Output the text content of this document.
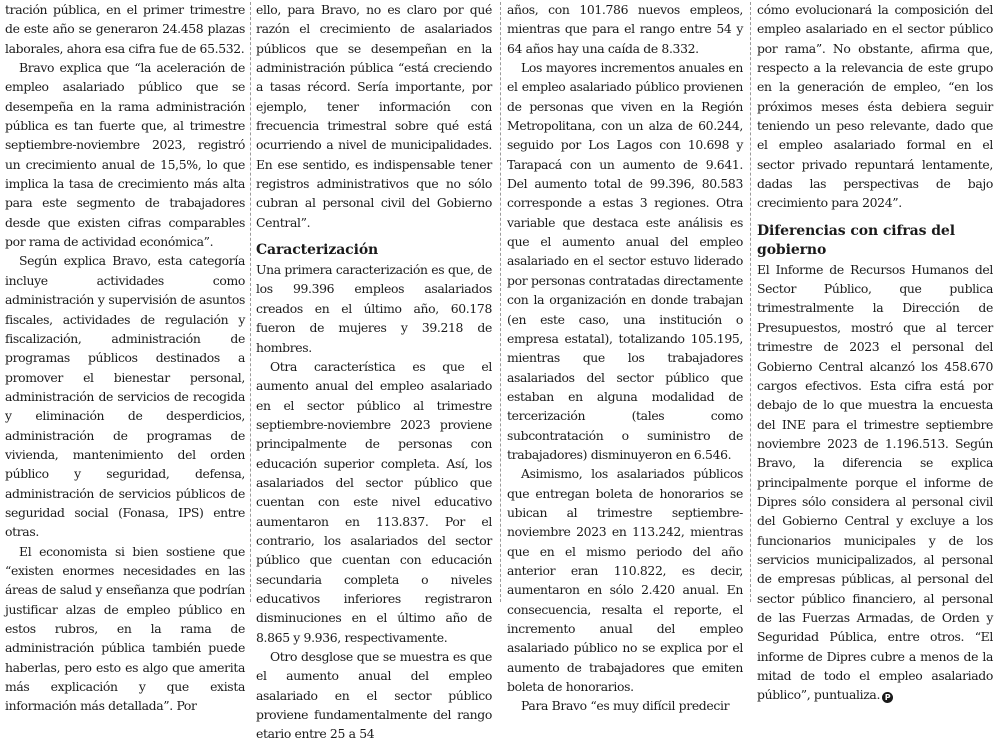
tración pública, en el primer trimestre de este año se generaron 24.458 plazas laborales, ahora esa cifra fue de 65.532.

Bravo explica que “la aceleración de empleo asalariado público que se desempeña en la rama administración pública es tan fuerte que, al trimestre septiembre-noviembre 2023, registró un crecimiento anual de 15,5%, lo que implica la tasa de crecimiento más alta para este segmento de trabajadores desde que existen cifras comparables por rama de actividad económica”.

Según explica Bravo, esta categoría incluye actividades como administración y supervisión de asuntos fiscales, actividades de regulación y fiscalización, administración de programas públicos destinados a promover el bienestar personal, administración de servicios de recogida y eliminación de desperdicios, administración de programas de vivienda, mantenimiento del orden público y seguridad, defensa, administración de servicios públicos de seguridad social (Fonasa, IPS) entre otras.

El economista si bien sostiene que “existen enormes necesidades en las áreas de salud y enseñanza que podrían justificar alzas de empleo público en estos rubros, en la rama de administración pública también puede haberlas, pero esto es algo que amerita más explicación y que exista información más detallada”. Por

ello, para Bravo, no es claro por qué razón el crecimiento de asalariados públicos que se desempeñan en la administración pública “está creciendo a tasas récord. Sería importante, por ejemplo, tener información con frecuencia trimestral sobre qué está ocurriendo a nivel de municipalidades. En ese sentido, es indispensable tener registros administrativos que no sólo cubran al personal civil del Gobierno Central”.

Caracterización

Una primera caracterización es que, de los 99.396 empleos asalariados creados en el último año, 60.178 fueron de mujeres y 39.218 de hombres.

Otra característica es que el aumento anual del empleo asalariado en el sector público al trimestre septiembre-noviembre 2023 proviene principalmente de personas con educación superior completa. Así, los asalariados del sector público que cuentan con este nivel educativo aumentaron en 113.837. Por el contrario, los asalariados del sector público que cuentan con educación secundaria completa o niveles educativos inferiores registraron disminuciones en el último año de 8.865 y 9.936, respectivamente.

Otro desglose que se muestra es que el aumento anual del empleo asalariado en el sector público proviene fundamentalmente del rango etario entre 25 a 54

años, con 101.786 nuevos empleos, mientras que para el rango entre 54 y 64 años hay una caída de 8.332.

Los mayores incrementos anuales en el empleo asalariado público provienen de personas que viven en la Región Metropolitana, con un alza de 60.244, seguido por Los Lagos con 10.698 y Tarapacá con un aumento de 9.641. Del aumento total de 99.396, 80.583 corresponde a estas 3 regiones. Otra variable que destaca este análisis es que el aumento anual del empleo asalariado en el sector estuvo liderado por personas contratadas directamente con la organización en donde trabajan (en este caso, una institución o empresa estatal), totalizando 105.195, mientras que los trabajadores asalariados del sector público que estaban en alguna modalidad de tercerización (tales como subcontratación o suministro de trabajadores) disminuyeron en 6.546.

Asimismo, los asalariados públicos que entregan boleta de honorarios se ubican al trimestre septiembre-noviembre 2023 en 113.242, mientras que en el mismo periodo del año anterior eran 110.822, es decir, aumentaron en sólo 2.420 anual. En consecuencia, resalta el reporte, el incremento anual del empleo asalariado público no se explica por el aumento de trabajadores que emiten boleta de honorarios.

Para Bravo “es muy difícil predecir

cómo evolucionará la composición del empleo asalariado en el sector público por rama”. No obstante, afirma que, respecto a la relevancia de este grupo en la generación de empleo, “en los próximos meses ésta debiera seguir teniendo un peso relevante, dado que el empleo asalariado formal en el sector privado repuntará lentamente, dadas las perspectivas de bajo crecimiento para 2024”.

Diferencias con cifras del gobierno

El Informe de Recursos Humanos del Sector Público, que publica trimestralmente la Dirección de Presupuestos, mostró que al tercer trimestre de 2023 el personal del Gobierno Central alcanzó los 458.670 cargos efectivos. Esta cifra está por debajo de lo que muestra la encuesta del INE para el trimestre septiembre noviembre 2023 de 1.196.513. Según Bravo, la diferencia se explica principalmente porque el informe de Dipres sólo considera al personal civil del Gobierno Central y excluye a los funcionarios municipales y de los servicios municipalizados, al personal de empresas públicas, al personal del sector público financiero, al personal de las Fuerzas Armadas, de Orden y Seguridad Pública, entre otros. “El informe de Dipres cubre a menos de la mitad de todo el empleo asalariado público”, puntualiza. P
